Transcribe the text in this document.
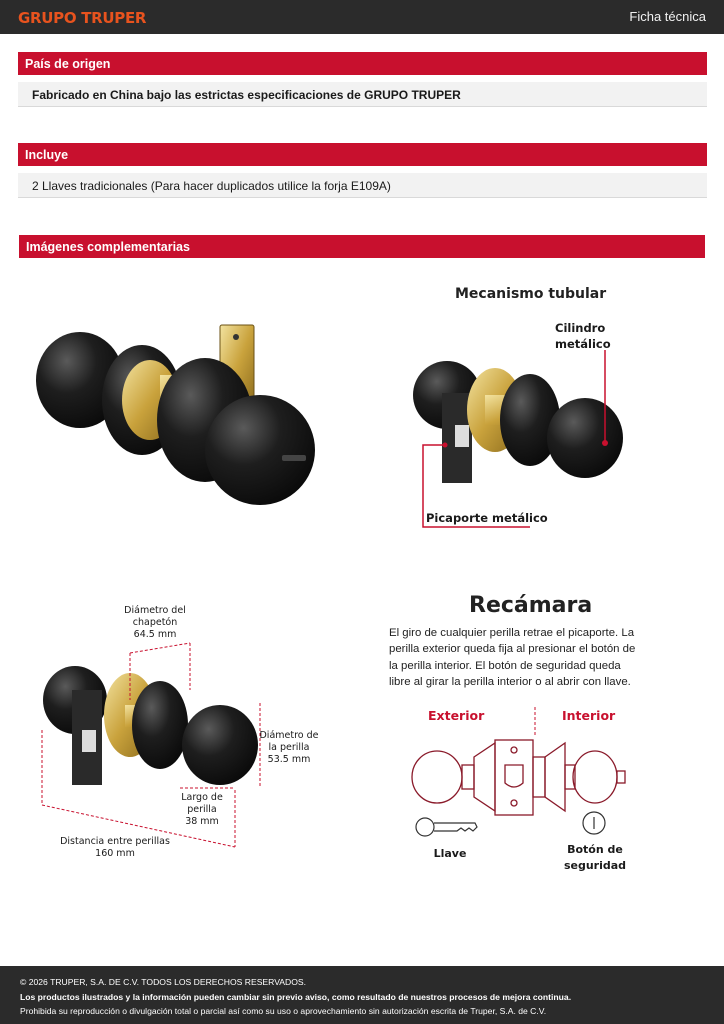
GRUPO TRUPER	Ficha técnica
País de origen
Fabricado en China bajo las estrictas especificaciones de GRUPO TRUPER
Incluye
2 Llaves tradicionales (Para hacer duplicados utilice la forja E109A)
Imágenes complementarias
Mecanismo tubular
Cilindro
metálico
Picaporte metálico
Diámetro del
chapetón
64.5 mm
Diámetro de
la perilla
53.5 mm
Largo de
perilla
38 mm
Distancia entre perillas
160 mm
Recámara
El giro de cualquier perilla retrae el picaporte. La perilla exterior queda fija al presionar el botón de la perilla interior. El botón de seguridad queda libre al girar la perilla interior o al abrir con llave.
Exterior	Interior
Llave	Botón de
seguridad
© 2026 TRUPER, S.A. DE C.V. TODOS LOS DERECHOS RESERVADOS.
Los productos ilustrados y la información pueden cambiar sin previo aviso, como resultado de nuestros procesos de mejora continua.
Prohibida su reproducción o divulgación total o parcial así como su uso o aprovechamiento sin autorización escrita de Truper, S.A. de C.V.
